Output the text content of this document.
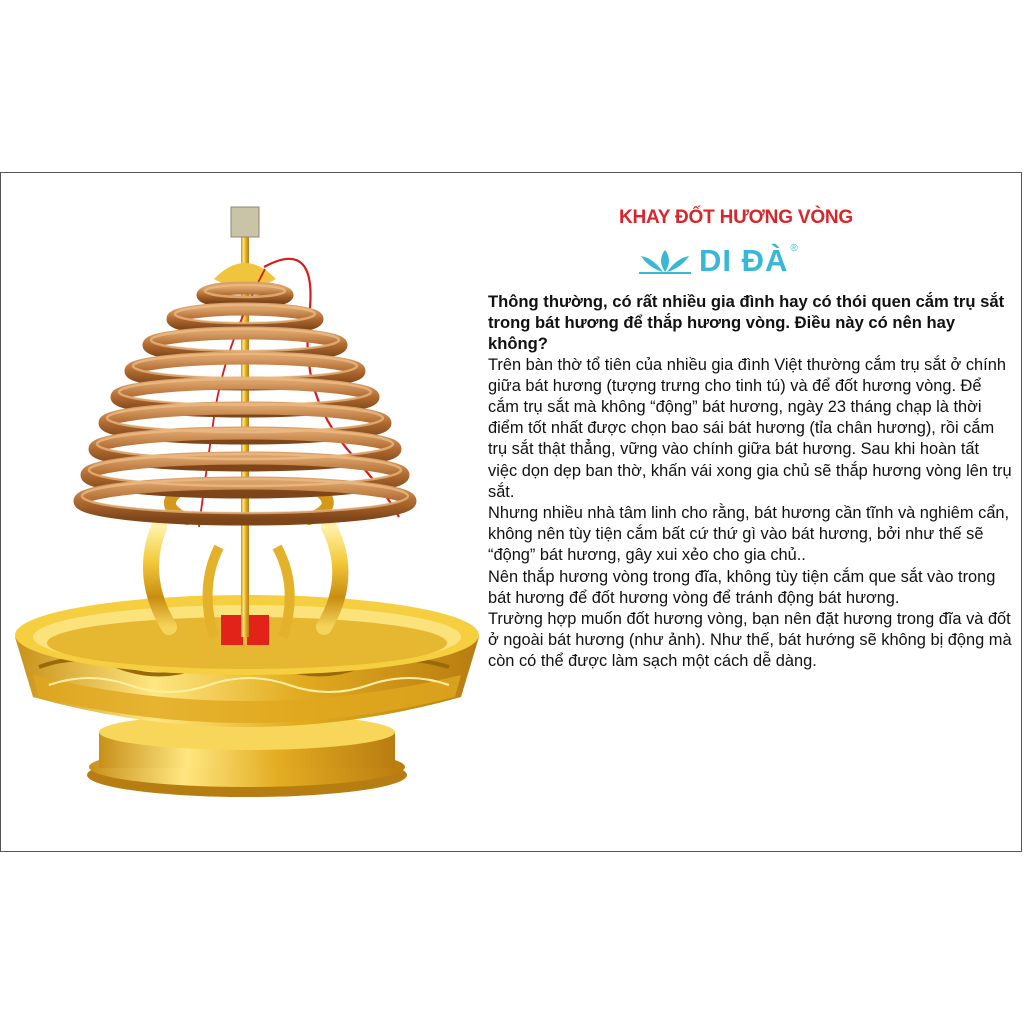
KHAY ĐỐT HƯƠNG VÒNG
DI ĐÀ ®

Thông thường, có rất nhiều gia đình hay có thói quen cắm trụ sắt trong bát hương để thắp hương vòng. Điều này có nên hay không?

Trên bàn thờ tổ tiên của nhiều gia đình Việt thường cắm trụ sắt ở chính giữa bát hương (tượng trưng cho tinh tú) và để đốt hương vòng. Để cắm trụ sắt mà không “động” bát hương, ngày 23 tháng chạp là thời điểm tốt nhất được chọn bao sái bát hương (tỉa chân hương), rồi cắm trụ sắt thật thẳng, vững vào chính giữa bát hương. Sau khi hoàn tất việc dọn dẹp ban thờ, khấn vái xong gia chủ sẽ thắp hương vòng lên trụ sắt.

Nhưng nhiều nhà tâm linh cho rằng, bát hương cần tĩnh và nghiêm cẩn, không nên tùy tiện cắm bất cứ thứ gì vào bát hương, bởi như thế sẽ “động” bát hương, gây xui xẻo cho gia chủ..

Nên thắp hương vòng trong đĩa, không tùy tiện cắm que sắt vào trong bát hương để đốt hương vòng để tránh động bát hương.

Trường hợp muốn đốt hương vòng, bạn nên đặt hương trong đĩa và đốt ở ngoài bát hương (như ảnh). Như thế, bát hướng sẽ không bị động mà còn có thể được làm sạch một cách dễ dàng.
